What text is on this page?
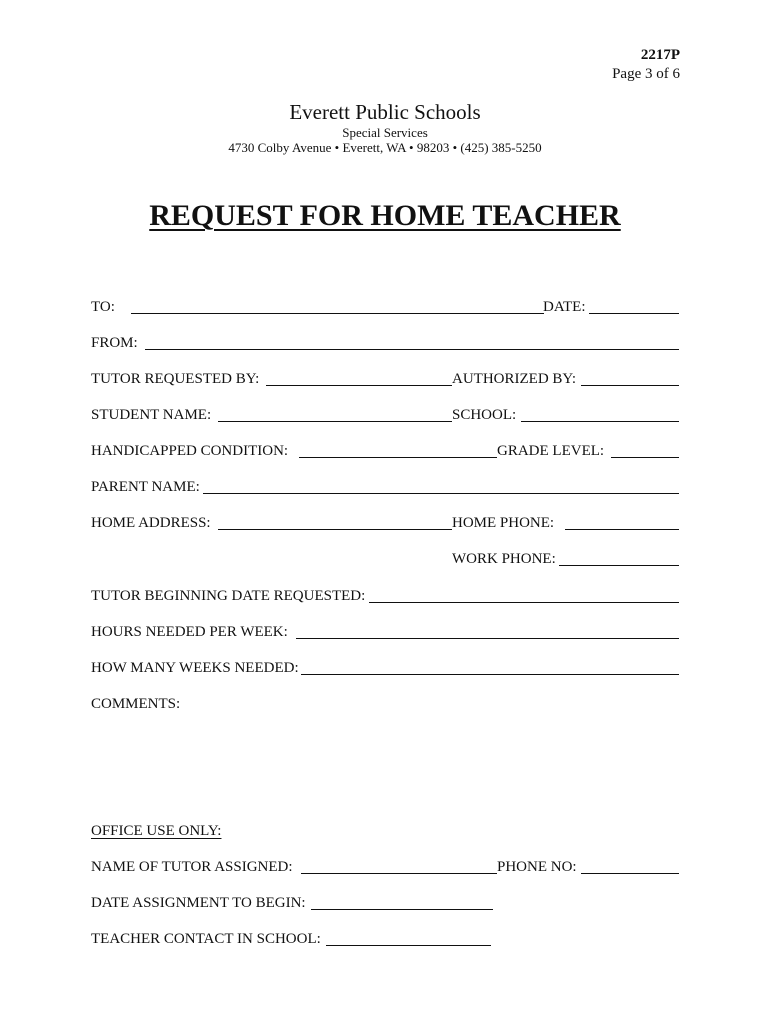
2217P
Page 3 of 6
Everett Public Schools
Special Services
4730 Colby Avenue • Everett, WA • 98203 • (425) 385-5250
REQUEST FOR HOME TEACHER
TO:	DATE:
FROM:
TUTOR REQUESTED BY:	AUTHORIZED BY:
STUDENT NAME:	SCHOOL:
HANDICAPPED CONDITION:	GRADE LEVEL:
PARENT NAME:
HOME ADDRESS:	HOME PHONE:
WORK PHONE:
TUTOR BEGINNING DATE REQUESTED:
HOURS NEEDED PER WEEK:
HOW MANY WEEKS NEEDED:
COMMENTS:
OFFICE USE ONLY:
NAME OF TUTOR ASSIGNED:	PHONE NO:
DATE ASSIGNMENT TO BEGIN:
TEACHER CONTACT IN SCHOOL:
